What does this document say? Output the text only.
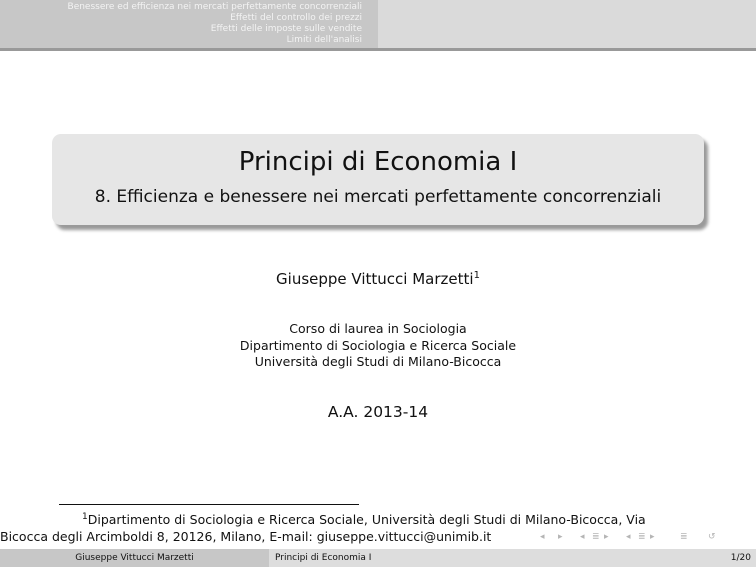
Benessere ed efficienza nei mercati perfettamente concorrenziali
Effetti del controllo dei prezzi
Effetti delle imposte sulle vendite
Limiti dell'analisi
Principi di Economia I
8. Efficienza e benessere nei mercati perfettamente concorrenziali
Giuseppe Vittucci Marzetti$^1$
Corso di laurea in Sociologia
Dipartimento di Sociologia e Ricerca Sociale
Università degli Studi di Milano-Bicocca
A.A. 2013-14
$^1$Dipartimento di Sociologia e Ricerca Sociale, Università degli Studi di Milano-Bicocca, Via
Bicocca degli Arcimboldi 8, 20126, Milano, E-mail: giuseppe.vittucci@unimib.it	◂ ▸ ◂ ≣ ▸ ◂ ≣ ▸	≣ ↺
Giuseppe Vittucci Marzetti	Principi di Economia I	1/20
